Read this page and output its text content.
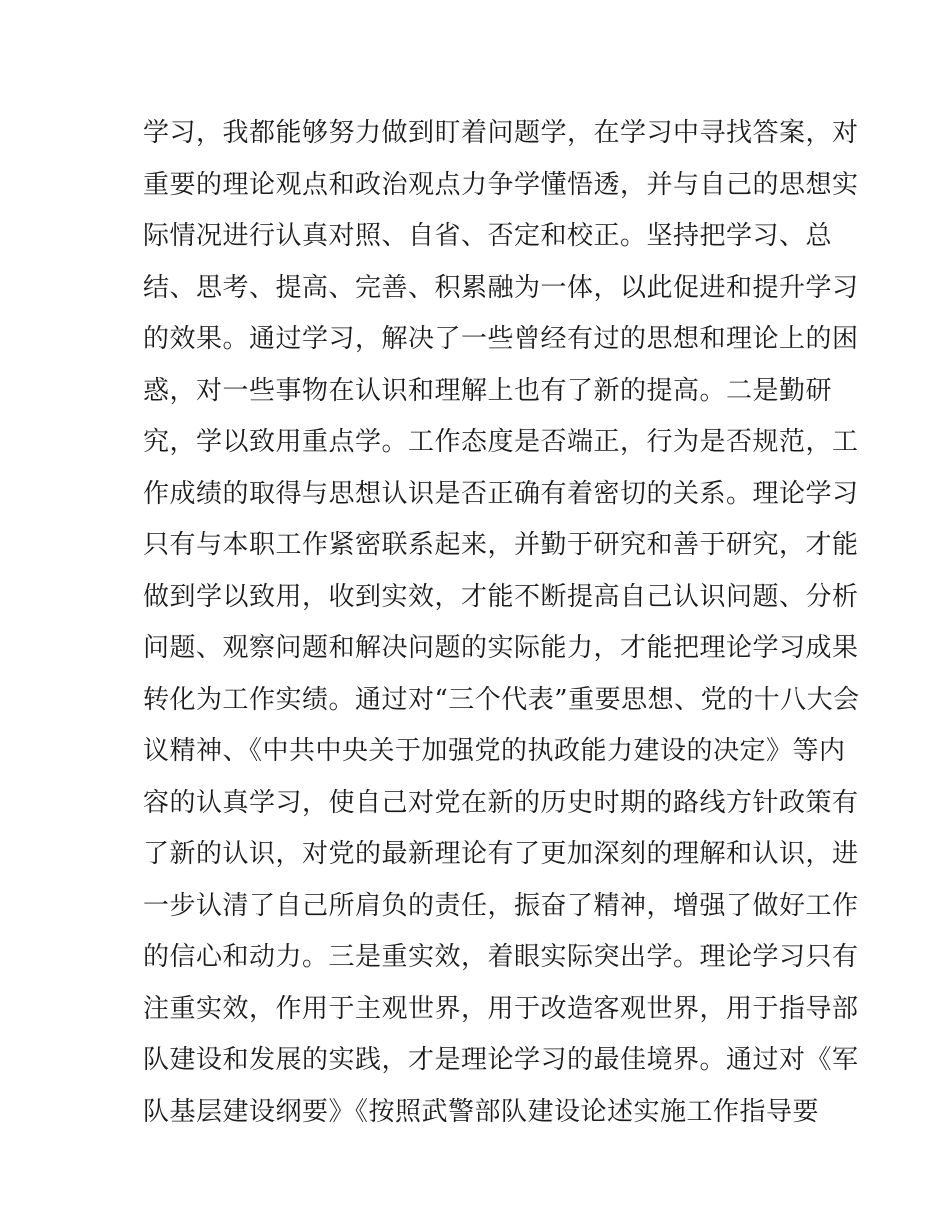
学习，我都能够努力做到盯着问题学，在学习中寻找答案，对
重要的理论观点和政治观点力争学懂悟透，并与自己的思想实
际情况进行认真对照、自省、否定和校正。坚持把学习、总
结、思考、提高、完善、积累融为一体，以此促进和提升学习
的效果。通过学习，解决了一些曾经有过的思想和理论上的困
惑，对一些事物在认识和理解上也有了新的提高。二是勤研
究，学以致用重点学。工作态度是否端正，行为是否规范，工
作成绩的取得与思想认识是否正确有着密切的关系。理论学习
只有与本职工作紧密联系起来，并勤于研究和善于研究，才能
做到学以致用，收到实效，才能不断提高自己认识问题、分析
问题、观察问题和解决问题的实际能力，才能把理论学习成果
转化为工作实绩。通过对“三个代表”重要思想、党的十八大会
议精神、《中共中央关于加强党的执政能力建设的决定》等内
容的认真学习，使自己对党在新的历史时期的路线方针政策有
了新的认识，对党的最新理论有了更加深刻的理解和认识，进
一步认清了自己所肩负的责任，振奋了精神，增强了做好工作
的信心和动力。三是重实效，着眼实际突出学。理论学习只有
注重实效，作用于主观世界，用于改造客观世界，用于指导部
队建设和发展的实践，才是理论学习的最佳境界。通过对《军
队基层建设纲要》《按照武警部队建设论述实施工作指导要
